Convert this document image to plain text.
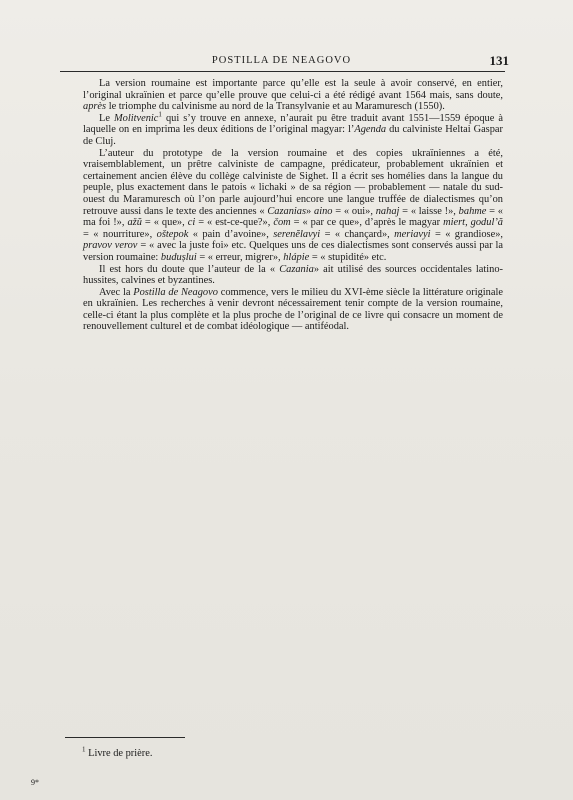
POSTILLA DE NEAGOVO	131

La version roumaine est importante parce qu’elle est la seule à avoir conservé, en entier, l’original ukraïnien et parce qu’elle prouve que celui-ci a été rédigé avant 1564 mais, sans doute, après le triomphe du calvinisme au nord de la Transylvanie et au Maramuresch (1550).

Le Molitvenic$^1$ qui s’y trouve en annexe, n’aurait pu être traduit avant 1551—1559 époque à laquelle on en imprima les deux éditions de l’original magyar: l’Agenda du calviniste Heltai Gaspar de Cluj.

L’auteur du prototype de la version roumaine et des copies ukraïniennes a été, vraisemblablement, un prêtre calviniste de campagne, prédicateur, probablement ukraïnien et certainement ancien élève du collège calviniste de Sighet. Il a écrit ses homélies dans la langue du peuple, plus exactement dans le patois « lichaki » de sa région — probablement — natale du sud-ouest du Maramuresch où l’on parle aujourd’hui encore une langue truffée de dialectismes qu’on retrouve aussi dans le texte des anciennes « Cazanias» aino = « oui», nahaj = « laisse !», bahme = « ma foi !», ažŭ = « que», ci = « est-ce-que?», čom = « par ce que», d’après le magyar miert, godul’ă = « nourriture», oštepok « pain d’avoine», serenĕlavyi = « chançard», meriavyi = « grandiose», pravov verov = « avec la juste foi» etc. Quelques uns de ces dialectismes sont conservés aussi par la version roumaine: budușlui = « erreur, migrer», hlápie = « stupidité» etc.

Il est hors du doute que l’auteur de la « Cazania» ait utilisé des sources occidentales latino-hussites, calvines et byzantines.

Avec la Postilla de Neagovo commence, vers le milieu du XVI-ème siècle la littérature originale en ukraïnien. Les recherches à venir devront nécessairement tenir compte de la version roumaine, celle-ci étant la plus complète et la plus proche de l’original de ce livre qui consacre un moment de renouvellement culturel et de combat idéologique — antiféodal.

$^1$ Livre de prière.
9*
